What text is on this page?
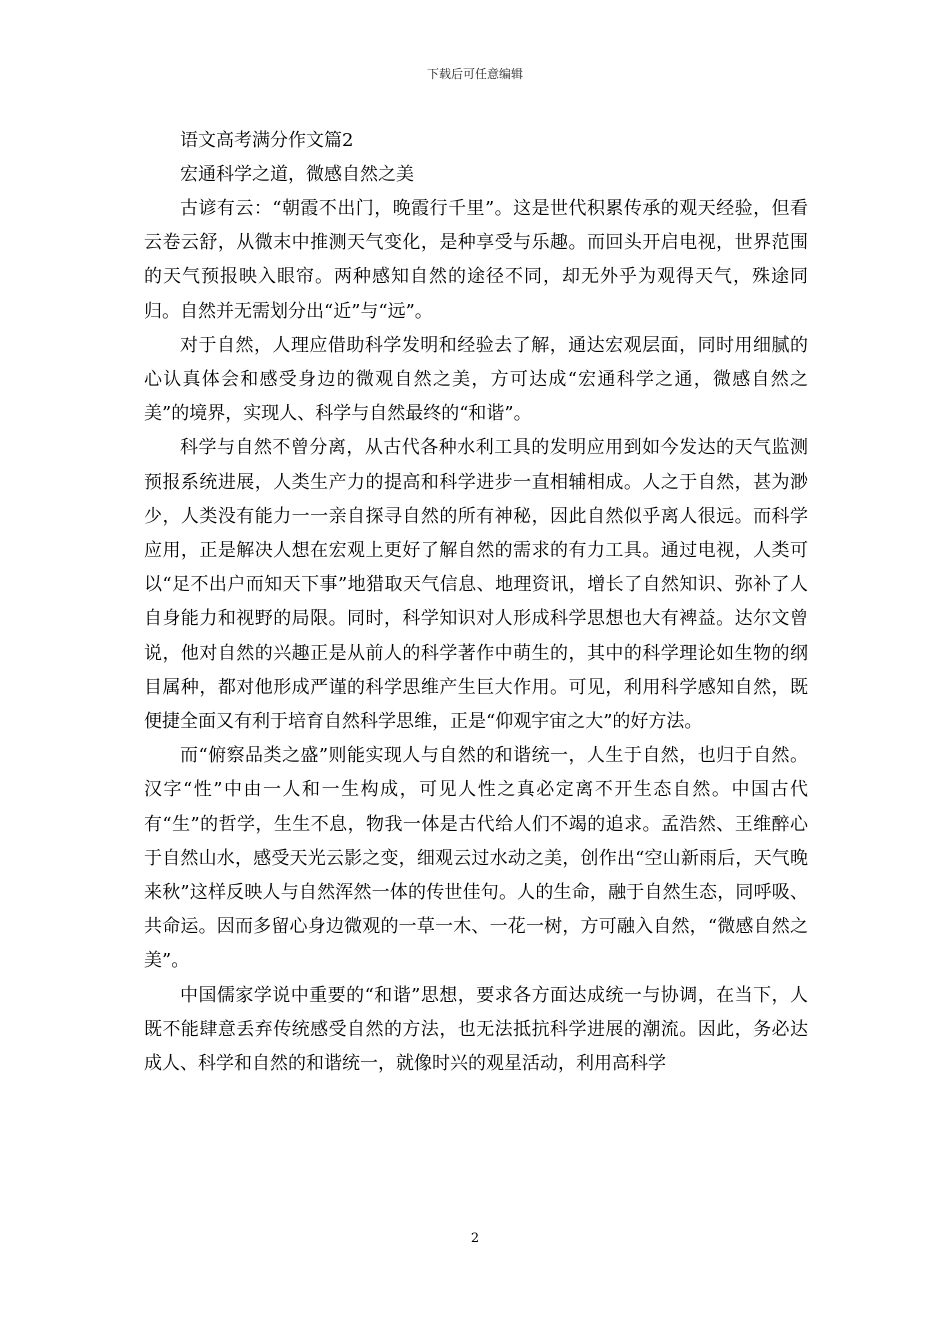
下载后可任意编辑

语文高考满分作文篇2

宏通科学之道，微感自然之美

古谚有云：“朝霞不出门，晚霞行千里”。这是世代积累传承的观天经验，但看云卷云舒，从微末中推测天气变化，是种享受与乐趣。而回头开启电视，世界范围的天气预报映入眼帘。两种感知自然的途径不同，却无外乎为观得天气，殊途同归。自然并无需划分出“近”与“远”。

对于自然，人理应借助科学发明和经验去了解，通达宏观层面，同时用细腻的心认真体会和感受身边的微观自然之美，方可达成“宏通科学之通，微感自然之美”的境界，实现人、科学与自然最终的“和谐”。

科学与自然不曾分离，从古代各种水利工具的发明应用到如今发达的天气监测预报系统进展，人类生产力的提高和科学进步一直相辅相成。人之于自然，甚为渺少，人类没有能力一一亲自探寻自然的所有神秘，因此自然似乎离人很远。而科学应用，正是解决人想在宏观上更好了解自然的需求的有力工具。通过电视，人类可以“足不出户而知天下事”地猎取天气信息、地理资讯，增长了自然知识、弥补了人自身能力和视野的局限。同时，科学知识对人形成科学思想也大有裨益。达尔文曾说，他对自然的兴趣正是从前人的科学著作中萌生的，其中的科学理论如生物的纲目属种，都对他形成严谨的科学思维产生巨大作用。可见，利用科学感知自然，既便捷全面又有利于培育自然科学思维，正是“仰观宇宙之大”的好方法。

而“俯察品类之盛”则能实现人与自然的和谐统一，人生于自然，也归于自然。汉字“性”中由一人和一生构成，可见人性之真必定离不开生态自然。中国古代有“生”的哲学，生生不息，物我一体是古代给人们不竭的追求。孟浩然、王维醉心于自然山水，感受天光云影之变，细观云过水动之美，创作出“空山新雨后，天气晚来秋”这样反映人与自然浑然一体的传世佳句。人的生命，融于自然生态，同呼吸、共命运。因而多留心身边微观的一草一木、一花一树，方可融入自然，“微感自然之美”。

中国儒家学说中重要的“和谐”思想，要求各方面达成统一与协调，在当下，人既不能肆意丢弃传统感受自然的方法，也无法抵抗科学进展的潮流。因此，务必达成人、科学和自然的和谐统一，就像时兴的观星活动，利用高科学

2
